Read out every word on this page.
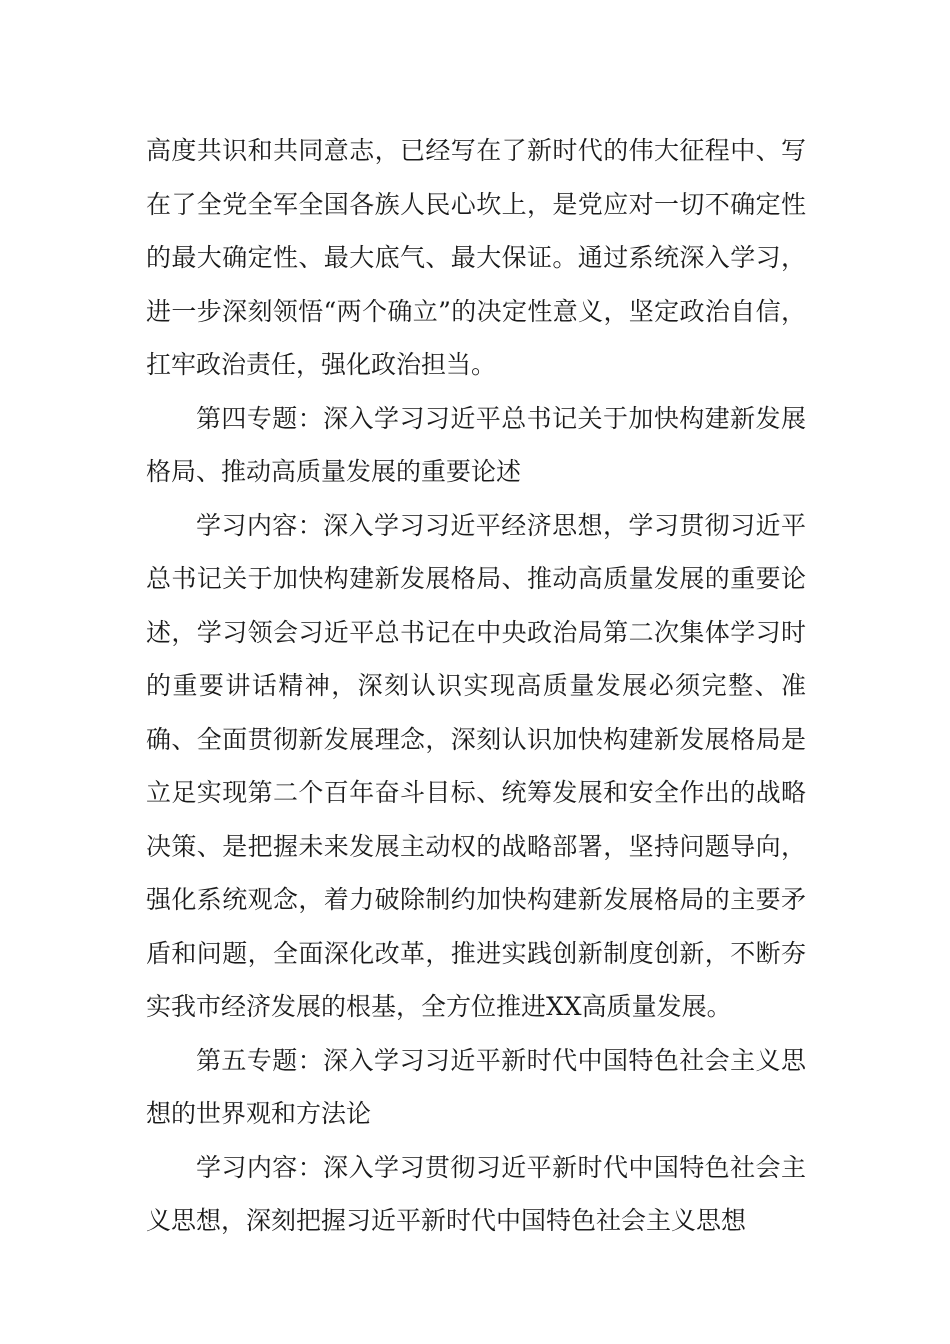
高度共识和共同意志，已经写在了新时代的伟大征程中、写在了全党全军全国各族人民心坎上，是党应对一切不确定性的最大确定性、最大底气、最大保证。通过系统深入学习，进一步深刻领悟“两个确立”的决定性意义，坚定政治自信，扛牢政治责任，强化政治担当。

第四专题：深入学习习近平总书记关于加快构建新发展格局、推动高质量发展的重要论述

学习内容：深入学习习近平经济思想，学习贯彻习近平总书记关于加快构建新发展格局、推动高质量发展的重要论述，学习领会习近平总书记在中央政治局第二次集体学习时的重要讲话精神，深刻认识实现高质量发展必须完整、准确、全面贯彻新发展理念，深刻认识加快构建新发展格局是立足实现第二个百年奋斗目标、统筹发展和安全作出的战略决策、是把握未来发展主动权的战略部署，坚持问题导向，强化系统观念，着力破除制约加快构建新发展格局的主要矛盾和问题，全面深化改革，推进实践创新制度创新，不断夯实我市经济发展的根基，全方位推进XX高质量发展。

第五专题：深入学习习近平新时代中国特色社会主义思想的世界观和方法论

学习内容：深入学习贯彻习近平新时代中国特色社会主义思想，深刻把握习近平新时代中国特色社会主义思想
